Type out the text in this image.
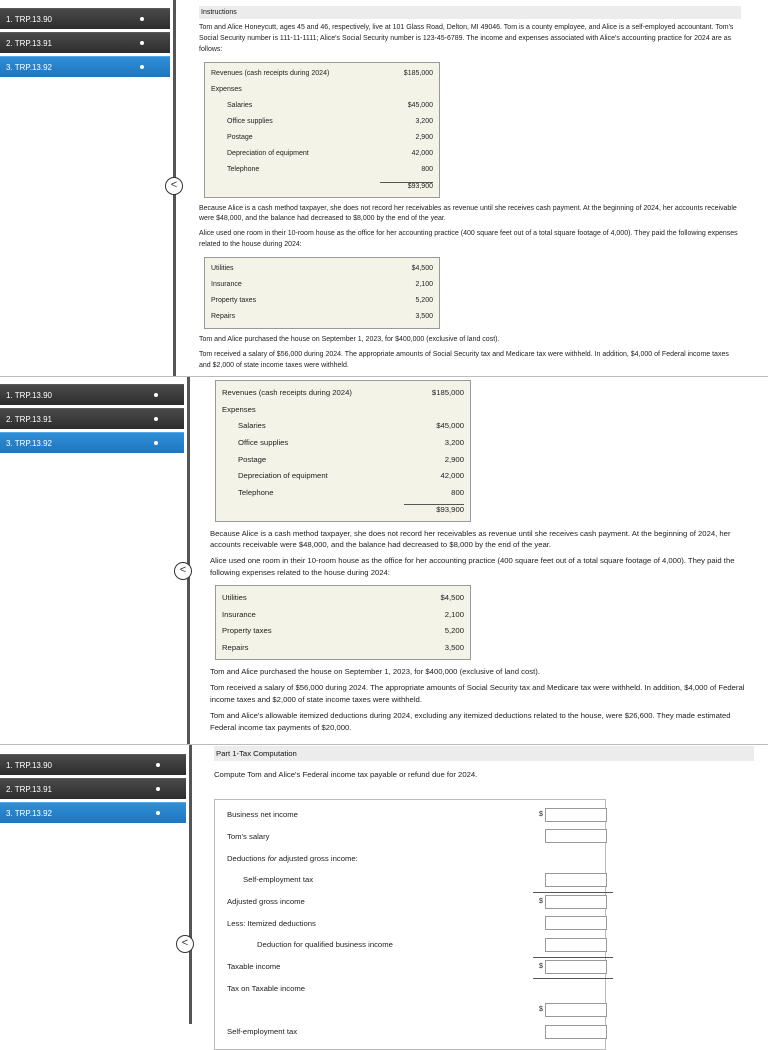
1. TRP.13.90
2. TRP.13.91
3. TRP.13.92
<
Instructions

Tom and Alice Honeycutt, ages 45 and 46, respectively, live at 101 Glass Road, Delton, MI 49046. Tom is a county employee, and Alice is a self-employed accountant. Tom's Social Security number is 111-11-1111; Alice's Social Security number is 123-45-6789. The income and expenses associated with Alice's accounting practice for 2024 are as follows:

Revenues (cash receipts during 2024)	$185,000
Expenses
Salaries	$45,000
Office supplies	3,200
Postage	2,900
Depreciation of equipment	42,000
Telephone	800
$93,900

Because Alice is a cash method taxpayer, she does not record her receivables as revenue until she receives cash payment. At the beginning of 2024, her accounts receivable were $48,000, and the balance had decreased to $8,000 by the end of the year.

Alice used one room in their 10-room house as the office for her accounting practice (400 square feet out of a total square footage of 4,000). They paid the following expenses related to the house during 2024:

Utilities	$4,500
Insurance	2,100
Property taxes	5,200
Repairs	3,500

Tom and Alice purchased the house on September 1, 2023, for $400,000 (exclusive of land cost).

Tom received a salary of $56,000 during 2024. The appropriate amounts of Social Security tax and Medicare tax were withheld. In addition, $4,000 of Federal income taxes and $2,000 of state income taxes were withheld.

1. TRP.13.90
2. TRP.13.91
3. TRP.13.92
<
Revenues (cash receipts during 2024)	$185,000
Expenses
Salaries	$45,000
Office supplies	3,200
Postage	2,900
Depreciation of equipment	42,000
Telephone	800
$93,900

Because Alice is a cash method taxpayer, she does not record her receivables as revenue until she receives cash payment. At the beginning of 2024, her accounts receivable were $48,000, and the balance had decreased to $8,000 by the end of the year.

Alice used one room in their 10-room house as the office for her accounting practice (400 square feet out of a total square footage of 4,000). They paid the following expenses related to the house during 2024:

Utilities	$4,500
Insurance	2,100
Property taxes	5,200
Repairs	3,500

Tom and Alice purchased the house on September 1, 2023, for $400,000 (exclusive of land cost).

Tom received a salary of $56,000 during 2024. The appropriate amounts of Social Security tax and Medicare tax were withheld. In addition, $4,000 of Federal income taxes and $2,000 of state income taxes were withheld.

Tom and Alice's allowable itemized deductions during 2024, excluding any itemized deductions related to the house, were $26,600. They made estimated Federal income tax payments of $20,000.

1. TRP.13.90
2. TRP.13.91
3. TRP.13.92
<
Part 1-Tax Computation

Compute Tom and Alice's Federal income tax payable or refund due for 2024.

Business net income	$
Tom's salary
Deductions for adjusted gross income:
Self-employment tax
Adjusted gross income	$
Less: Itemized deductions
Deduction for qualified business income
Taxable income	$
Tax on Taxable income
$
Self-employment tax
